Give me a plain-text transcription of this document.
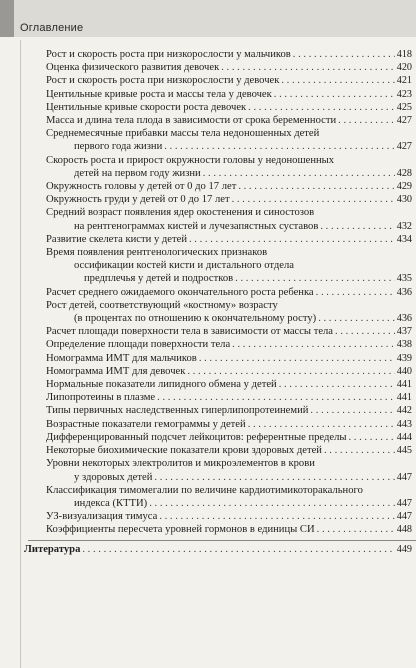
Оглавление
Рост и скорость роста при низкорослости у мальчиков . . .	418
Оценка физического развития девочек . . .	420
Рост и скорость роста при низкорослости у девочек . . .	421
Центильные кривые роста и массы тела у девочек . . .	423
Центильные кривые скорости роста девочек . . .	425
Масса и длина тела плода в зависимости от срока беременности . . .	427
Среднемесячные прибавки массы тела недоношенных детей
первого года жизни . . .	427
Скорость роста и прирост окружности головы у недоношенных
детей на первом году жизни . . .	428
Окружность головы у детей от 0 до 17 лет . . .	429
Окружность груди у детей от 0 до 17 лет . . .	430
Средний возраст появления ядер окостенения и синостозов
на рентгенограммах кистей и лучезапястных суставов . . .	432
Развитие скелета кисти у детей . . .	434
Время появления рентгенологических признаков
оссификации костей кисти и дистального отдела
предплечья у детей и подростков . . .	435
Расчет среднего ожидаемого окончательного роста ребенка . . .	436
Рост детей, соответствующий «костному» возрасту
(в процентах по отношению к окончательному росту) . . .	436
Расчет площади поверхности тела в зависимости от массы тела . . .	437
Определение площади поверхности тела . . .	438
Номограмма ИМТ для мальчиков . . .	439
Номограмма ИМТ для девочек . . .	440
Нормальные показатели липидного обмена у детей . . .	441
Липопротеины в плазме . . .	441
Типы первичных наследственных гиперлипопротеинемий . . .	442
Возрастные показатели гемограммы у детей . . .	443
Дифференцированный подсчет лейкоцитов: референтные пределы . . .	444
Некоторые биохимические показатели крови здоровых детей . . .	445
Уровни некоторых электролитов и микроэлементов в крови
у здоровых детей . . .	447
Классификация тимомегалии по величине кардиотимикоторакального
индекса (КТТИ) . . .	447
УЗ-визуализация тимуса . . .	447
Коэффициенты пересчета уровней гормонов в единицы СИ . . .	448
Литература . . .	449
